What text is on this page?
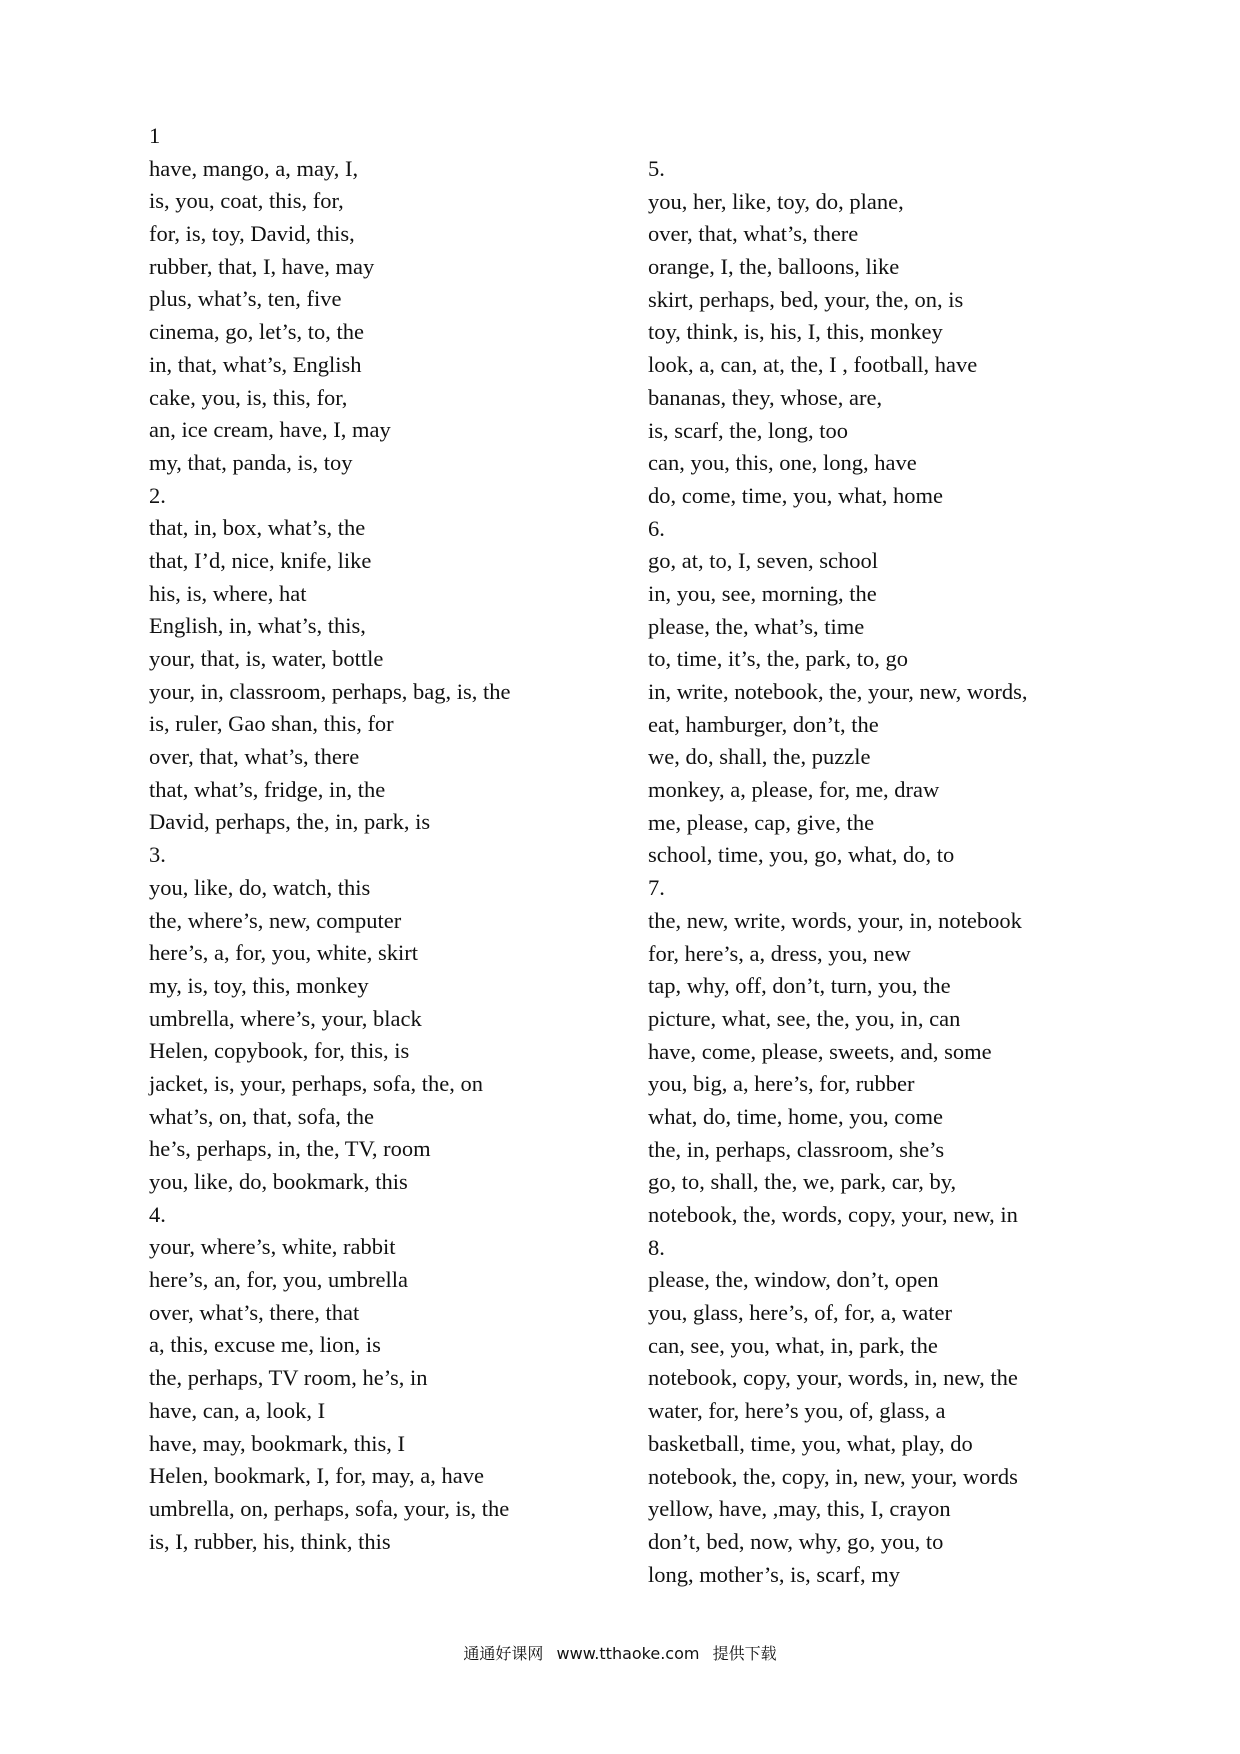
1
have, mango, a, may, I,
is, you, coat, this, for,
for, is, toy, David, this,
rubber, that, I, have, may
plus, what’s, ten, five
cinema, go, let’s, to, the
in, that, what’s, English
cake, you, is, this, for,
an, ice cream, have, I, may
my, that, panda, is, toy
2.
that, in, box, what’s, the
that, I’d, nice, knife, like
his, is, where, hat
English, in, what’s, this,
your, that, is, water, bottle
your, in, classroom, perhaps, bag, is, the
is, ruler, Gao shan, this, for
over, that, what’s, there
that, what’s, fridge, in, the
David, perhaps, the, in, park, is
3.
you, like, do, watch, this
the, where’s, new, computer
here’s, a, for, you, white, skirt
my, is, toy, this, monkey
umbrella, where’s, your, black
Helen, copybook, for, this, is
jacket, is, your, perhaps, sofa, the, on
what’s, on, that, sofa, the
he’s, perhaps, in, the, TV, room
you, like, do, bookmark, this
4.
your, where’s, white, rabbit
here’s, an, for, you, umbrella
over, what’s, there, that
a, this, excuse me, lion, is
the, perhaps, TV room, he’s, in
have, can, a, look, I
have, may, bookmark, this, I
Helen, bookmark, I, for, may, a, have
umbrella, on, perhaps, sofa, your, is, the
is, I, rubber, his, think, this
5.
you, her, like, toy, do, plane,
over, that, what’s, there
orange, I, the, balloons, like
skirt, perhaps, bed, your, the, on, is
toy, think, is, his, I, this, monkey
look, a, can, at, the, I , football, have
bananas, they, whose, are,
is, scarf, the, long, too
can, you, this, one, long, have
do, come, time, you, what, home
6.
go, at, to, I, seven, school
in, you, see, morning, the
please, the, what’s, time
to, time, it’s, the, park, to, go
in, write, notebook, the, your, new, words,
eat, hamburger, don’t, the
we, do, shall, the, puzzle
monkey, a, please, for, me, draw
me, please, cap, give, the
school, time, you, go, what, do, to
7.
the, new, write, words, your, in, notebook
for, here’s, a, dress, you, new
tap, why, off, don’t, turn, you, the
picture, what, see, the, you, in, can
have, come, please, sweets, and, some
you, big, a, here’s, for, rubber
what, do, time, home, you, come
the, in, perhaps, classroom, she’s
go, to, shall, the, we, park, car, by,
notebook, the, words, copy, your, new, in
8.
please, the, window, don’t, open
you, glass, here’s, of, for, a, water
can, see, you, what, in, park, the
notebook, copy, your, words, in, new, the
water, for, here’s you, of, glass, a
basketball, time, you, what, play, do
notebook, the, copy, in, new, your, words
yellow, have, ,may, this, I, crayon
don’t, bed, now, why, go, you, to
long, mother’s, is, scarf, my
通通好课网 www.tthaoke.com 提供下载
